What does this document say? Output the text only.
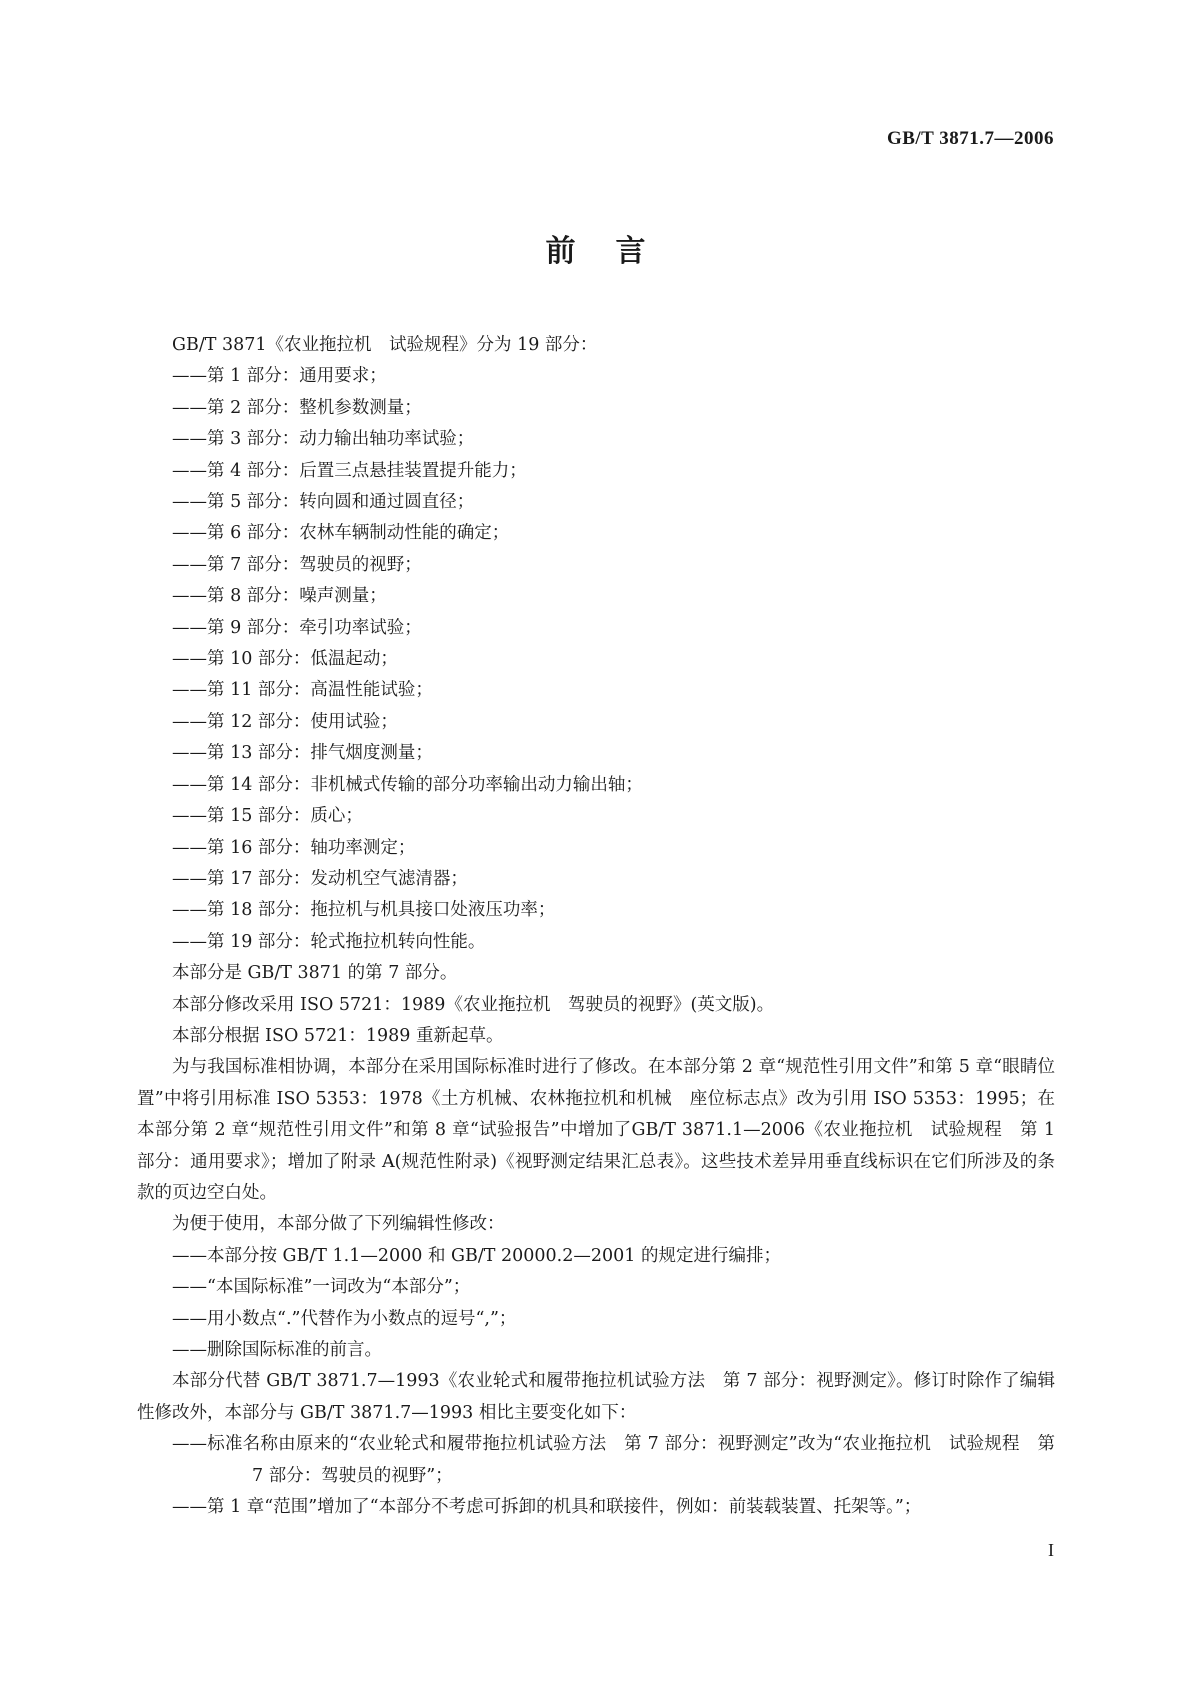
GB/T 3871.7—2006
前言

GB/T 3871《农业拖拉机　试验规程》分为 19 部分：

——第 1 部分：通用要求；

——第 2 部分：整机参数测量；

——第 3 部分：动力输出轴功率试验；

——第 4 部分：后置三点悬挂装置提升能力；

——第 5 部分：转向圆和通过圆直径；

——第 6 部分：农林车辆制动性能的确定；

——第 7 部分：驾驶员的视野；

——第 8 部分：噪声测量；

——第 9 部分：牵引功率试验；

——第 10 部分：低温起动；

——第 11 部分：高温性能试验；

——第 12 部分：使用试验；

——第 13 部分：排气烟度测量；

——第 14 部分：非机械式传输的部分功率输出动力输出轴；

——第 15 部分：质心；

——第 16 部分：轴功率测定；

——第 17 部分：发动机空气滤清器；

——第 18 部分：拖拉机与机具接口处液压功率；

——第 19 部分：轮式拖拉机转向性能。

本部分是 GB/T 3871 的第 7 部分。

本部分修改采用 ISO 5721：1989《农业拖拉机　驾驶员的视野》(英文版)。

本部分根据 ISO 5721：1989 重新起草。

为与我国标准相协调，本部分在采用国际标准时进行了修改。在本部分第 2 章“规范性引用文件”和第 5 章“眼睛位置”中将引用标准 ISO 5353：1978《土方机械、农林拖拉机和机械　座位标志点》改为引用 ISO 5353：1995；在本部分第 2 章“规范性引用文件”和第 8 章“试验报告”中增加了GB/T 3871.1—2006《农业拖拉机　试验规程　第 1 部分：通用要求》；增加了附录 A(规范性附录)《视野测定结果汇总表》。这些技术差异用垂直线标识在它们所涉及的条款的页边空白处。

为便于使用，本部分做了下列编辑性修改：

——本部分按 GB/T 1.1—2000 和 GB/T 20000.2—2001 的规定进行编排；

——“本国际标准”一词改为“本部分”；

——用小数点“.”代替作为小数点的逗号“,”；

——删除国际标准的前言。

本部分代替 GB/T 3871.7—1993《农业轮式和履带拖拉机试验方法　第 7 部分：视野测定》。修订时除作了编辑性修改外，本部分与 GB/T 3871.7—1993 相比主要变化如下：

——标准名称由原来的“农业轮式和履带拖拉机试验方法　第 7 部分：视野测定”改为“农业拖拉机　试验规程　第 7 部分：驾驶员的视野”；

——第 1 章“范围”增加了“本部分不考虑可拆卸的机具和联接件，例如：前装载装置、托架等。”；

I
